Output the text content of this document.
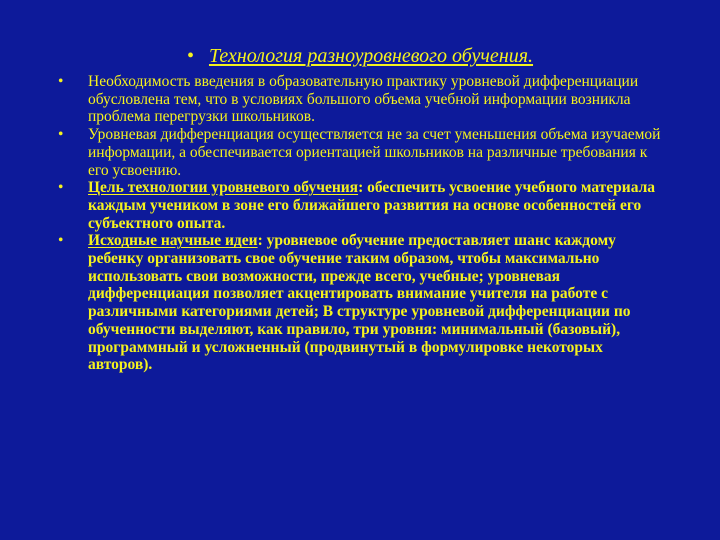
• Технология разноуровневого обучения.
• Необходимость введения в образовательную практику уровневой дифференциации обусловлена тем, что в условиях большого объема учебной информации возникла проблема перегрузки школьников.
• Уровневая дифференциация осуществляется не за счет уменьшения объема изучаемой информации, а обеспечивается ориентацией школьников на различные требования к его усвоению.
• Цель технологии уровневого обучения: обеспечить усвоение учебного материала каждым учеником в зоне его ближайшего развития на основе особенностей его субъектного опыта.
• Исходные научные идеи: уровневое обучение предоставляет шанс каждому ребенку организовать свое обучение таким образом, чтобы максимально использовать свои возможности, прежде всего, учебные; уровневая дифференциация позволяет акцентировать внимание учителя на работе с различными категориями детей; В структуре уровневой дифференциации по обученности выделяют, как правило, три уровня: минимальный (базовый), программный и усложненный (продвинутый в формулировке некоторых авторов).
